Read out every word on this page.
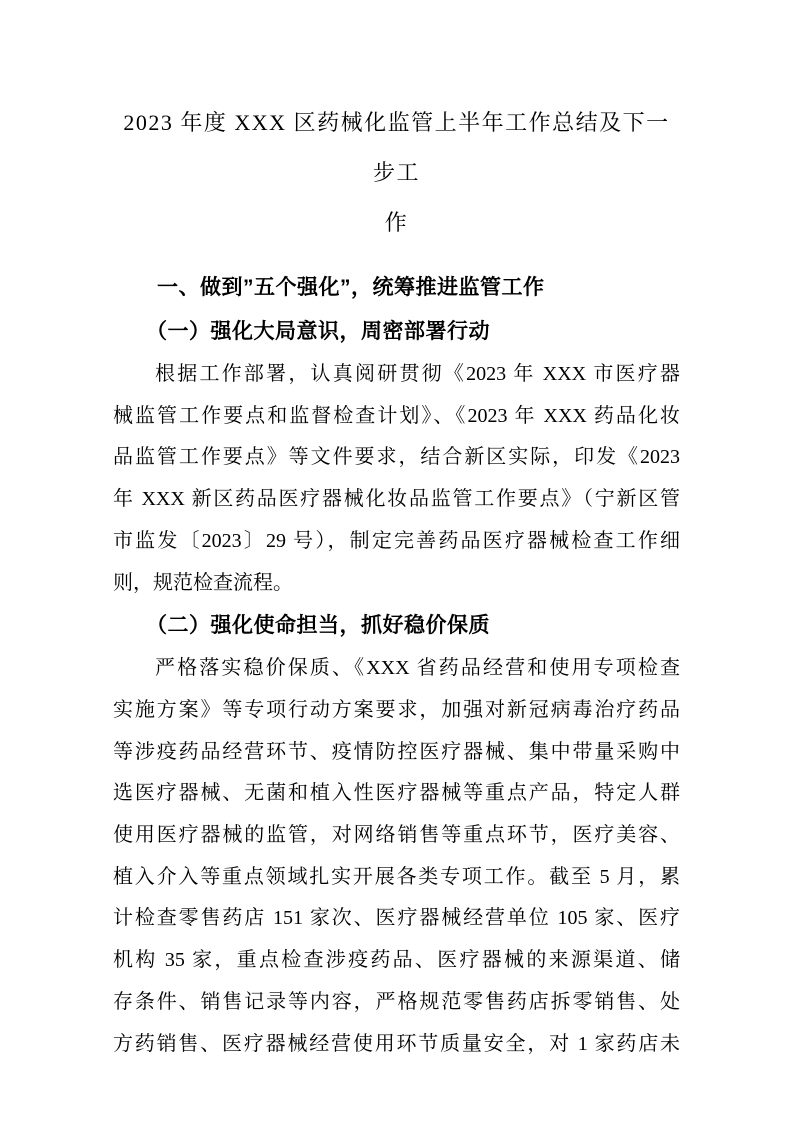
2023 年度 XXX 区药械化监管上半年工作总结及下一步工
作
一、做到”五个强化”，统筹推进监管工作
（一）强化大局意识，周密部署行动
根据工作部署，认真阅研贯彻《2023 年 XXX 市医疗器
械监管工作要点和监督检查计划》、《2023 年 XXX 药品化妆
品监管工作要点》等文件要求，结合新区实际，印发《2023
年 XXX 新区药品医疗器械化妆品监管工作要点》（宁新区管
市监发〔2023〕29 号），制定完善药品医疗器械检查工作细
则，规范检查流程。
（二）强化使命担当，抓好稳价保质
严格落实稳价保质、《XXX 省药品经营和使用专项检查
实施方案》等专项行动方案要求，加强对新冠病毒治疗药品
等涉疫药品经营环节、疫情防控医疗器械、集中带量采购中
选医疗器械、无菌和植入性医疗器械等重点产品，特定人群
使用医疗器械的监管，对网络销售等重点环节，医疗美容、
植入介入等重点领域扎实开展各类专项工作。截至 5 月，累
计检查零售药店 151 家次、医疗器械经营单位 105 家、医疗
机构 35 家，重点检查涉疫药品、医疗器械的来源渠道、储
存条件、销售记录等内容，严格规范零售药店拆零销售、处
方药销售、医疗器械经营使用环节质量安全，对 1 家药店未
